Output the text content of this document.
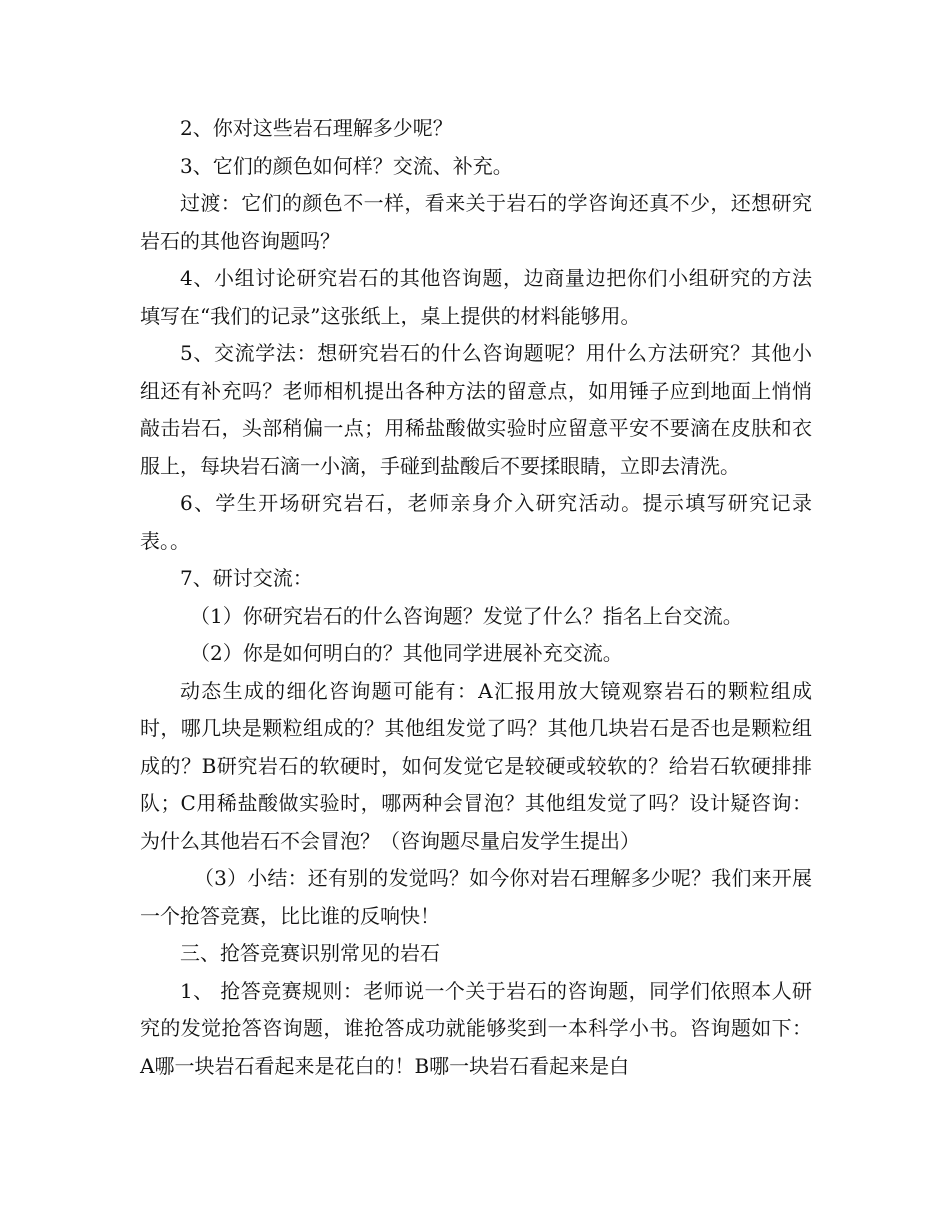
2、你对这些岩石理解多少呢？

3、它们的颜色如何样？交流、补充。

过渡：它们的颜色不一样，看来关于岩石的学咨询还真不少，还想研究岩石的其他咨询题吗？

4、小组讨论研究岩石的其他咨询题，边商量边把你们小组研究的方法填写在“我们的记录”这张纸上，桌上提供的材料能够用。

5、交流学法：想研究岩石的什么咨询题呢？用什么方法研究？其他小组还有补充吗？老师相机提出各种方法的留意点，如用锤子应到地面上悄悄敲击岩石，头部稍偏一点；用稀盐酸做实验时应留意平安不要滴在皮肤和衣服上，每块岩石滴一小滴，手碰到盐酸后不要揉眼睛，立即去清洗。

6、学生开场研究岩石，老师亲身介入研究活动。提示填写研究记录表。。

7、研讨交流：

（1）你研究岩石的什么咨询题？发觉了什么？指名上台交流。

（2）你是如何明白的？其他同学进展补充交流。

动态生成的细化咨询题可能有：A汇报用放大镜观察岩石的颗粒组成时，哪几块是颗粒组成的？其他组发觉了吗？其他几块岩石是否也是颗粒组成的？B研究岩石的软硬时，如何发觉它是较硬或较软的？给岩石软硬排排队；C用稀盐酸做实验时，哪两种会冒泡？其他组发觉了吗？设计疑咨询：为什么其他岩石不会冒泡？（咨询题尽量启发学生提出）

（3）小结：还有别的发觉吗？如今你对岩石理解多少呢？我们来开展一个抢答竞赛，比比谁的反响快！

三、抢答竞赛识别常见的岩石

1、 抢答竞赛规则：老师说一个关于岩石的咨询题，同学们依照本人研究的发觉抢答咨询题，谁抢答成功就能够奖到一本科学小书。咨询题如下：A哪一块岩石看起来是花白的！B哪一块岩石看起来是白
